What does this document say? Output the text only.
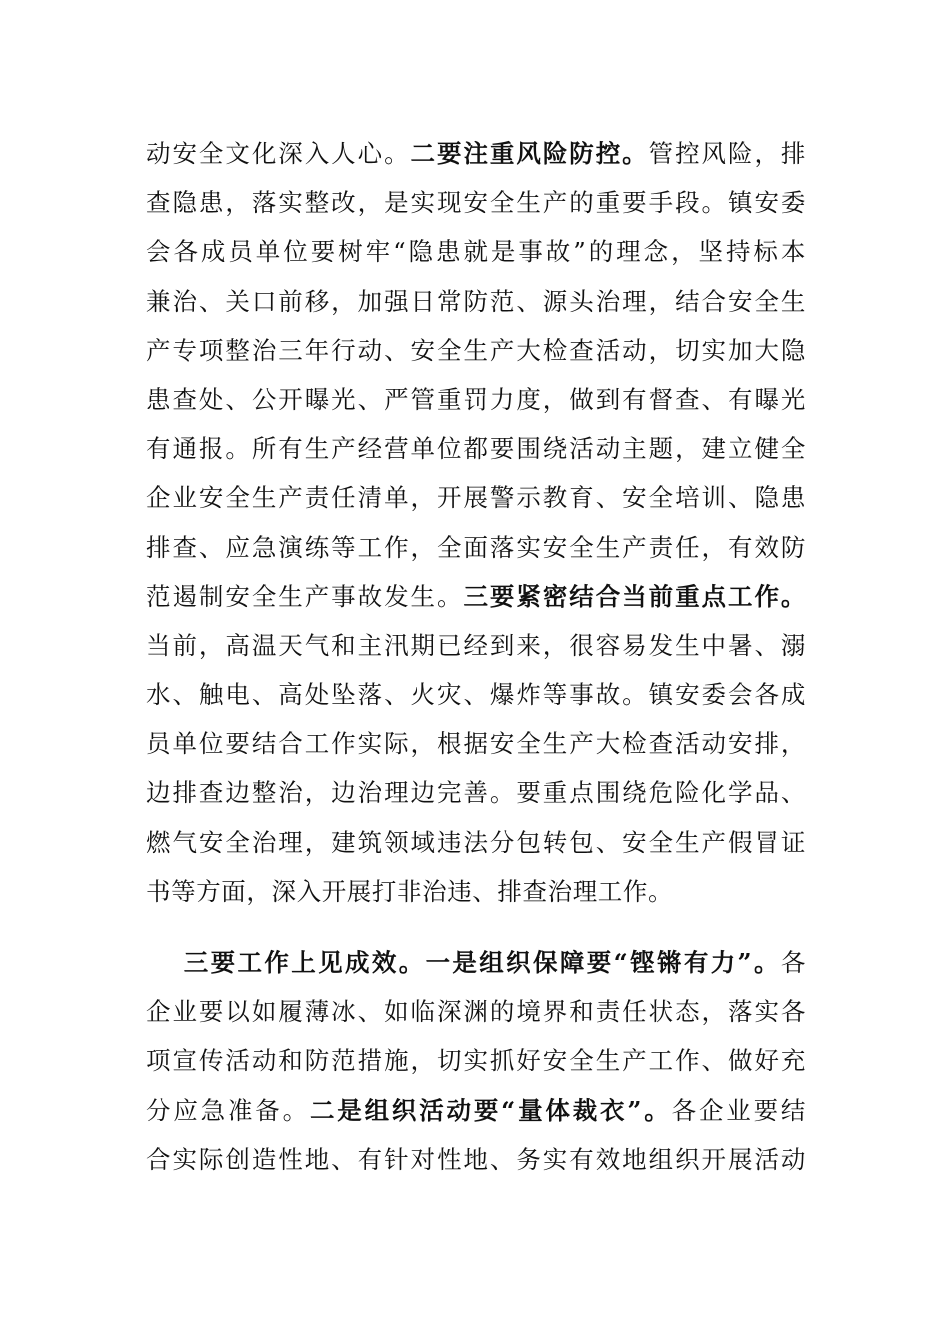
动安全文化深入人心。二要注重风险防控。管控风险，排
查隐患，落实整改，是实现安全生产的重要手段。镇安委
会各成员单位要树牢“隐患就是事故”的理念，坚持标本
兼治、关口前移，加强日常防范、源头治理，结合安全生
产专项整治三年行动、安全生产大检查活动，切实加大隐
患查处、公开曝光、严管重罚力度，做到有督查、有曝光
有通报。所有生产经营单位都要围绕活动主题，建立健全
企业安全生产责任清单，开展警示教育、安全培训、隐患
排查、应急演练等工作，全面落实安全生产责任，有效防
范遏制安全生产事故发生。三要紧密结合当前重点工作。
当前，高温天气和主汛期已经到来，很容易发生中暑、溺
水、触电、高处坠落、火灾、爆炸等事故。镇安委会各成
员单位要结合工作实际，根据安全生产大检查活动安排，
边排查边整治，边治理边完善。要重点围绕危险化学品、
燃气安全治理，建筑领域违法分包转包、安全生产假冒证
书等方面，深入开展打非治违、排查治理工作。
三要工作上见成效。一是组织保障要“铿锵有力”。各
企业要以如履薄冰、如临深渊的境界和责任状态，落实各
项宣传活动和防范措施，切实抓好安全生产工作、做好充
分应急准备。二是组织活动要“量体裁衣”。各企业要结
合实际创造性地、有针对性地、务实有效地组织开展活动
